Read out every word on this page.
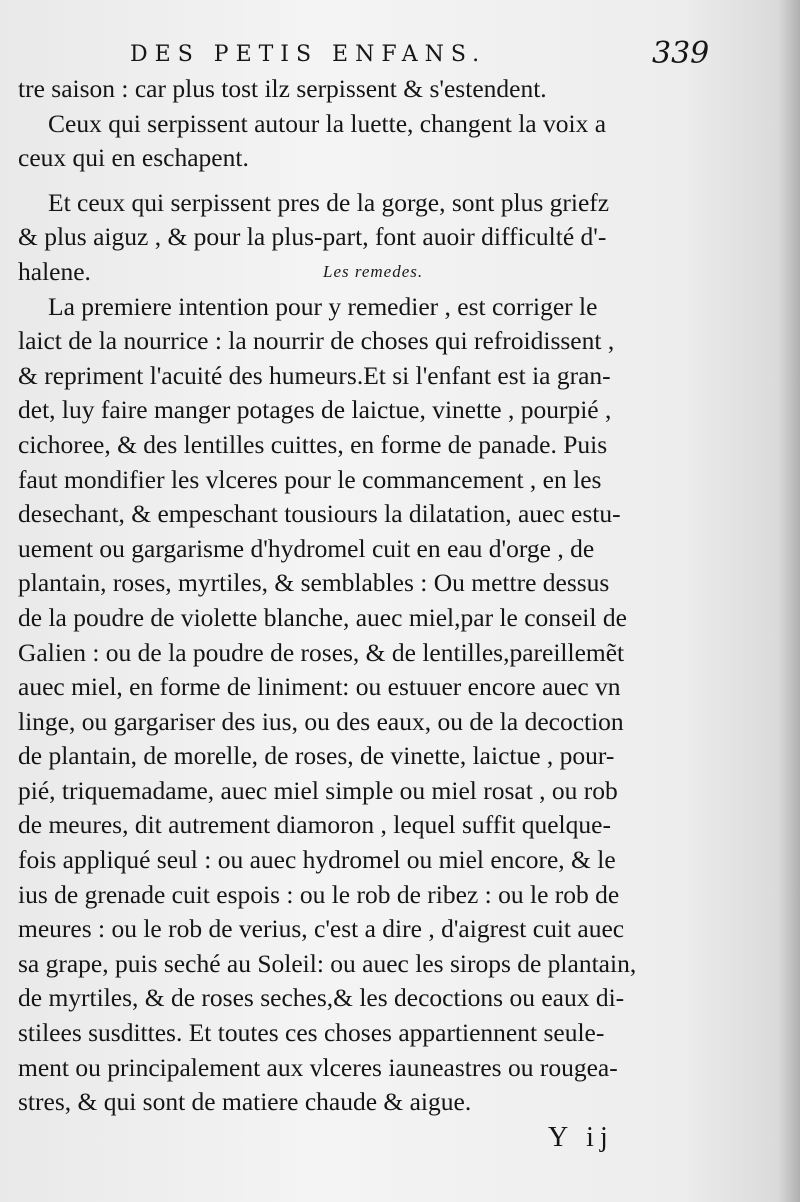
DES PETIS ENFANS.	339
tre saison : car plus tost ilz serpissent & s'estendent.
Ceux qui serpissent autour la luette, changent la voix a
ceux qui en eschapent.
Et ceux qui serpissent pres de la gorge, sont plus griefz
& plus aiguz , & pour la plus-part, font auoir difficulté d'-
halene.	Les remedes.
La premiere intention pour y remedier , est corriger le
laict de la nourrice : la nourrir de choses qui refroidissent ,
& repriment l'acuité des humeurs.Et si l'enfant est ia gran-
det, luy faire manger potages de laictue, vinette , pourpié ,
cichoree, & des lentilles cuittes, en forme de panade. Puis
faut mondifier les vlceres pour le commancement , en les
desechant, & empeschant tousiours la dilatation, auec estu-
uement ou gargarisme d'hydromel cuit en eau d'orge , de
plantain, roses, myrtiles, & semblables : Ou mettre dessus
de la poudre de violette blanche, auec miel,par le conseil de
Galien : ou de la poudre de roses, & de lentilles,pareillemẽt
auec miel, en forme de liniment: ou estuuer encore auec vn
linge, ou gargariser des ius, ou des eaux, ou de la decoction
de plantain, de morelle, de roses, de vinette, laictue , pour-
pié, triquemadame, auec miel simple ou miel rosat , ou rob
de meures, dit autrement diamoron , lequel suffit quelque-
fois appliqué seul : ou auec hydromel ou miel encore, & le
ius de grenade cuit espois : ou le rob de ribez : ou le rob de
meures : ou le rob de verius, c'est a dire , d'aigrest cuit auec
sa grape, puis seché au Soleil: ou auec les sirops de plantain,
de myrtiles, & de roses seches,& les decoctions ou eaux di-
stilees susdittes. Et toutes ces choses appartiennent seule-
ment ou principalement aux vlceres iauneastres ou rougea-
stres, & qui sont de matiere chaude & aigue.
Y ij
